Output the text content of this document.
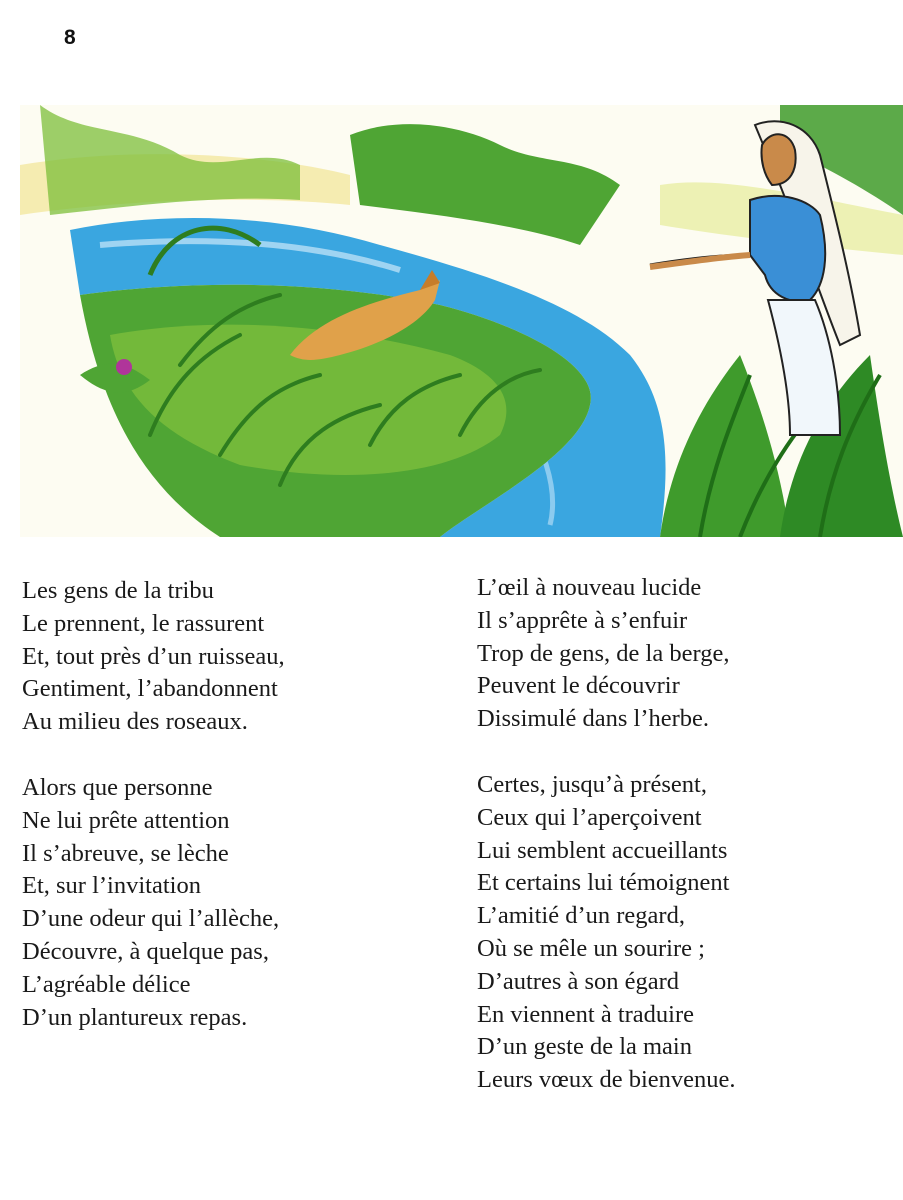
8
Les gens de la tribu
Le prennent, le rassurent
Et, tout près d’un ruisseau,
Gentiment, l’abandonnent
Au milieu des roseaux.
Alors que personne
Ne lui prête attention
Il s’abreuve, se lèche
Et, sur l’invitation
D’une odeur qui l’allèche,
Découvre, à quelque pas,
L’agréable délice
D’un plantureux repas.
L’œil à nouveau lucide
Il s’apprête à s’enfuir
Trop de gens, de la berge,
Peuvent le découvrir
Dissimulé dans l’herbe.
Certes, jusqu’à présent,
Ceux qui l’aperçoivent
Lui semblent accueillants
Et certains lui témoignent
L’amitié d’un regard,
Où se mêle un sourire ;
D’autres à son égard
En viennent à traduire
D’un geste de la main
Leurs vœux de bienvenue.
